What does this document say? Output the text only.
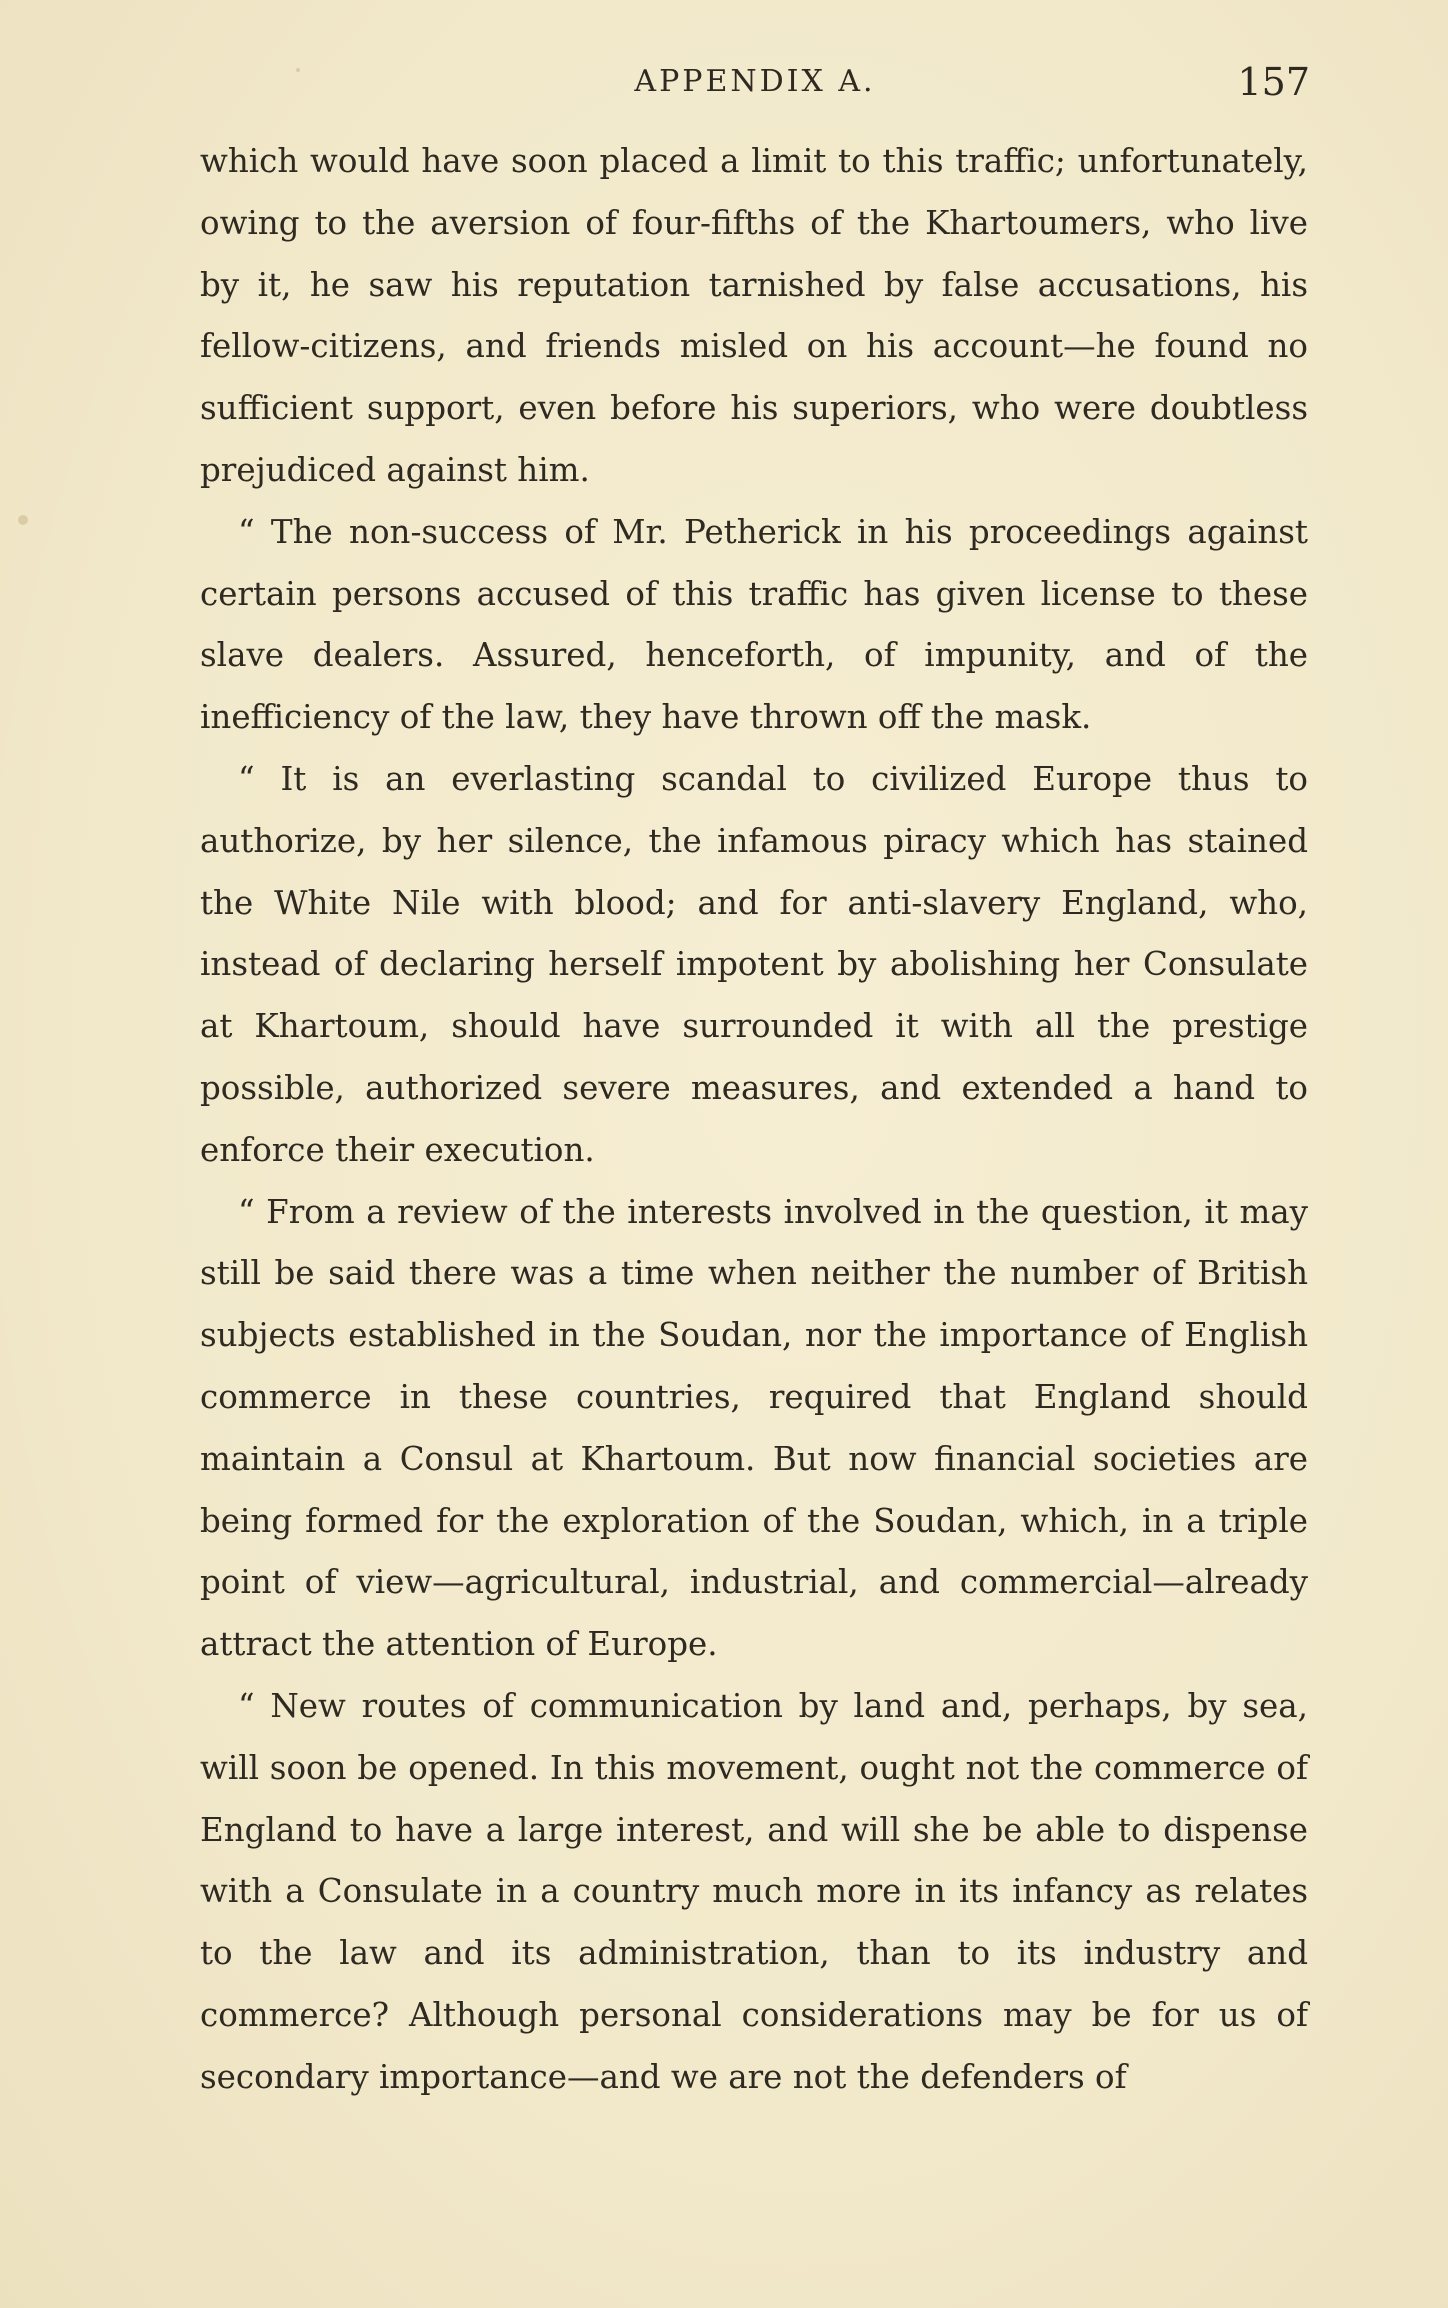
APPENDIX A.	157

which would have soon placed a limit to this traffic; unfortunately, owing to the aversion of four-fifths of the Khartoumers, who live by it, he saw his reputation tarnished by false accusations, his fellow-citizens, and friends misled on his account—he found no sufficient support, even before his superiors, who were doubtless prejudiced against him.

“ The non-success of Mr. Petherick in his proceedings against certain persons accused of this traffic has given license to these slave dealers. Assured, henceforth, of impunity, and of the inefficiency of the law, they have thrown off the mask.

“ It is an everlasting scandal to civilized Europe thus to authorize, by her silence, the infamous piracy which has stained the White Nile with blood; and for anti-slavery England, who, instead of declaring herself impotent by abolishing her Consulate at Khartoum, should have surrounded it with all the prestige possible, authorized severe measures, and extended a hand to enforce their execution.

“ From a review of the interests involved in the question, it may still be said there was a time when neither the number of British subjects established in the Soudan, nor the importance of English commerce in these countries, required that England should maintain a Consul at Khartoum. But now financial societies are being formed for the exploration of the Soudan, which, in a triple point of view—agricultural, industrial, and commercial—already attract the attention of Europe.

“ New routes of communication by land and, perhaps, by sea, will soon be opened. In this movement, ought not the commerce of England to have a large interest, and will she be able to dispense with a Consulate in a country much more in its infancy as relates to the law and its administration, than to its industry and commerce? Although personal considerations may be for us of secondary importance—and we are not the defenders of
